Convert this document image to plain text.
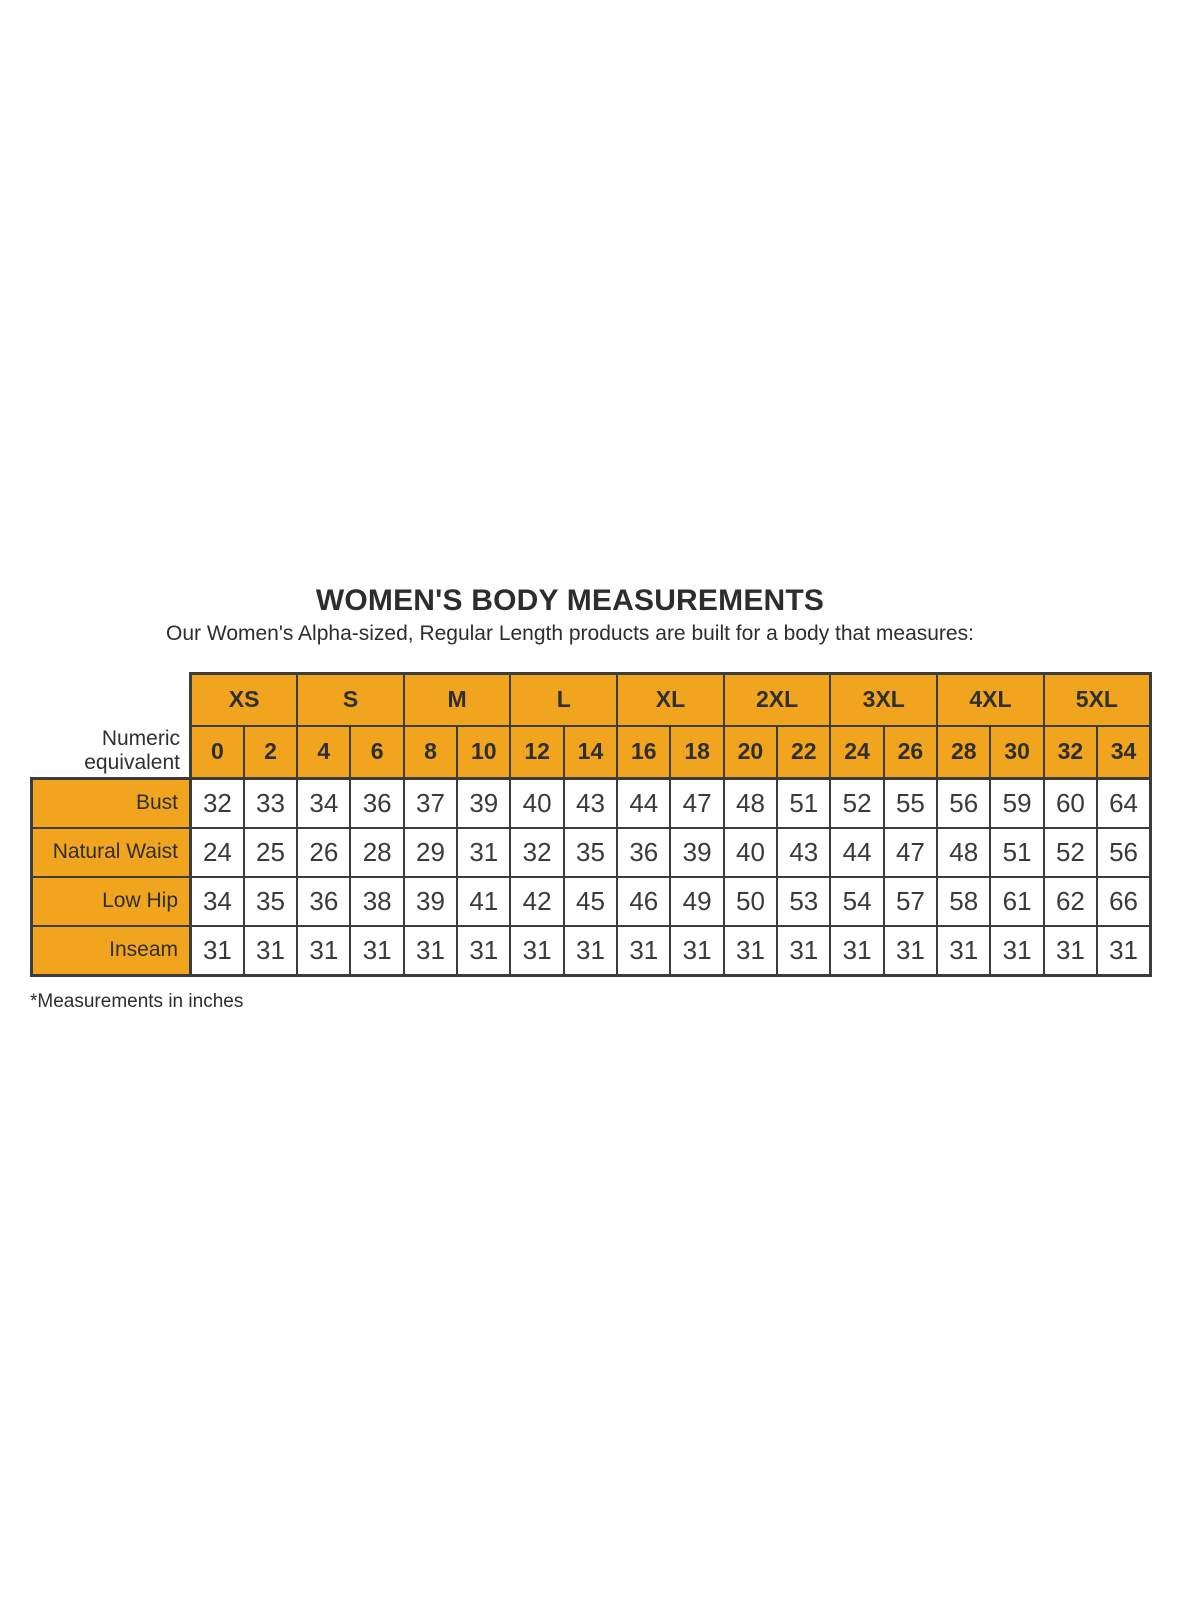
WOMEN'S BODY MEASUREMENTS

Our Women's Alpha-sized, Regular Length products are built for a body that measures:

	XS		S		M		L		XL		2XL		3XL		4XL		5XL	
Numeric equivalent	0	2	4	6	8	10	12	14	16	18	20	22	24	26	28	30	32	34
Bust	32	33	34	36	37	39	40	43	44	47	48	51	52	55	56	59	60	64
Natural Waist	24	25	26	28	29	31	32	35	36	39	40	43	44	47	48	51	52	56
Low Hip	34	35	36	38	39	41	42	45	46	49	50	53	54	57	58	61	62	66
Inseam	31	31	31	31	31	31	31	31	31	31	31	31	31	31	31	31	31	31

*Measurements in inches
